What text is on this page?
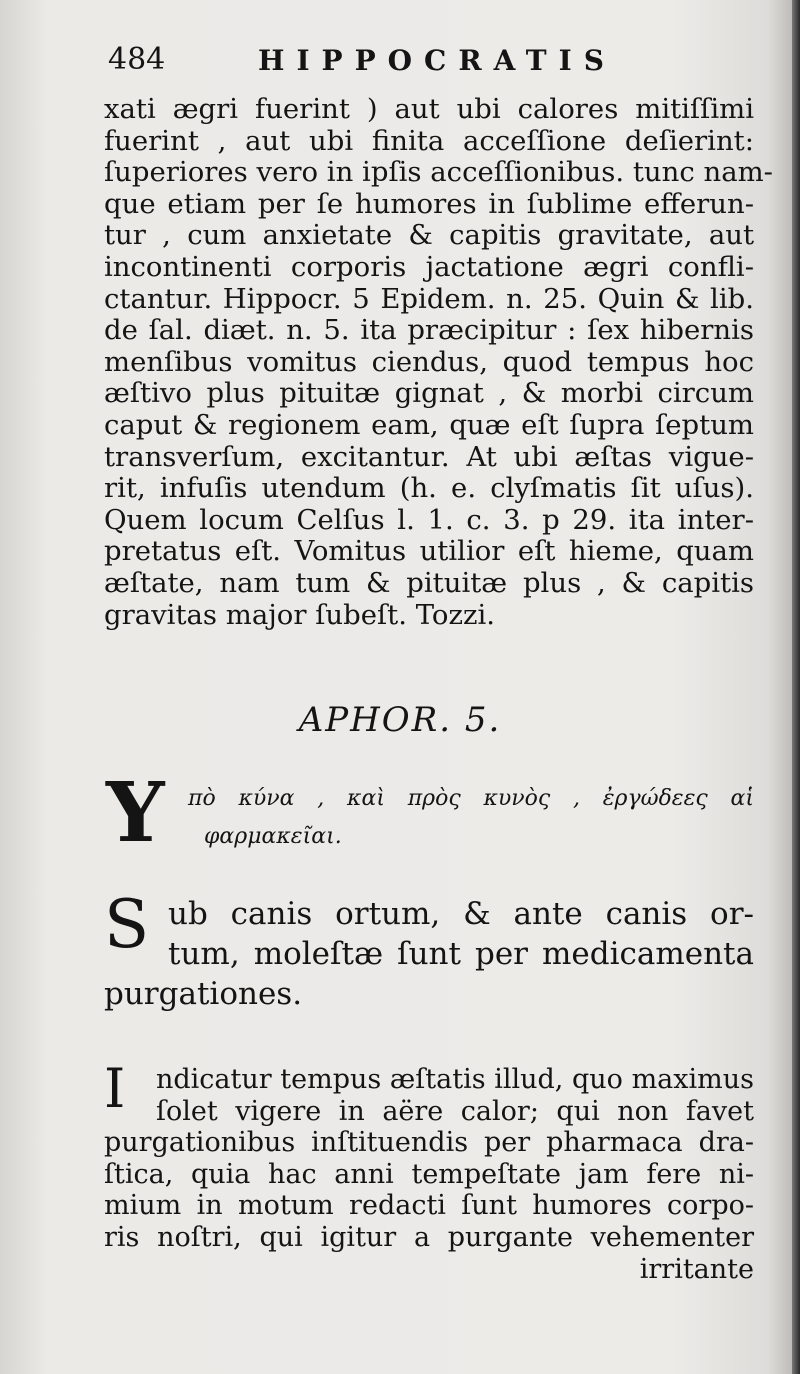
484	HIPPOCRATIS
xati ægri fuerint ) aut ubi calores mitiſſimi
fuerint , aut ubi finita acceſſione deſierint:
ſuperiores vero in ipſis acceſſionibus. tunc nam-
que etiam per ſe humores in ſublime efferun-
tur , cum anxietate & capitis gravitate, aut
incontinenti corporis jactatione ægri confli-
ctantur. Hippocr. 5 Epidem. n. 25. Quin & lib.
de ſal. diæt. n. 5. ita præcipitur : ſex hibernis
menſibus vomitus ciendus, quod tempus hoc
æſtivo plus pituitæ gignat , & morbi circum
caput & regionem eam, quæ eſt ſupra ſeptum
transverſum, excitantur. At ubi æſtas vigue-
rit, infuſis utendum (h. e. clyſmatis ſit uſus).
Quem locum Celſus l. 1. c. 3. p 29. ita inter-
pretatus eſt. Vomitus utilior eſt hieme, quam
æſtate, nam tum & pituitæ plus , & capitis
gravitas major ſubeſt. Tozzi.
APHOR. 5.
Υ πὸ κύνα , καὶ πρὸς κυνὸς , ἐργώδεες αἱ
φαρμακεῖαι.
S ub canis ortum, & ante canis or-
tum, moleſtæ ſunt per medicamenta
purgationes.
I	ndicatur tempus æſtatis illud, quo maximus
ſolet vigere in aëre calor; qui non favet
purgationibus inſtituendis per pharmaca dra-
ſtica, quia hac anni tempeſtate jam fere ni-
mium in motum redacti ſunt humores corpo-
ris noſtri, qui igitur a purgante vehementer
irritante
